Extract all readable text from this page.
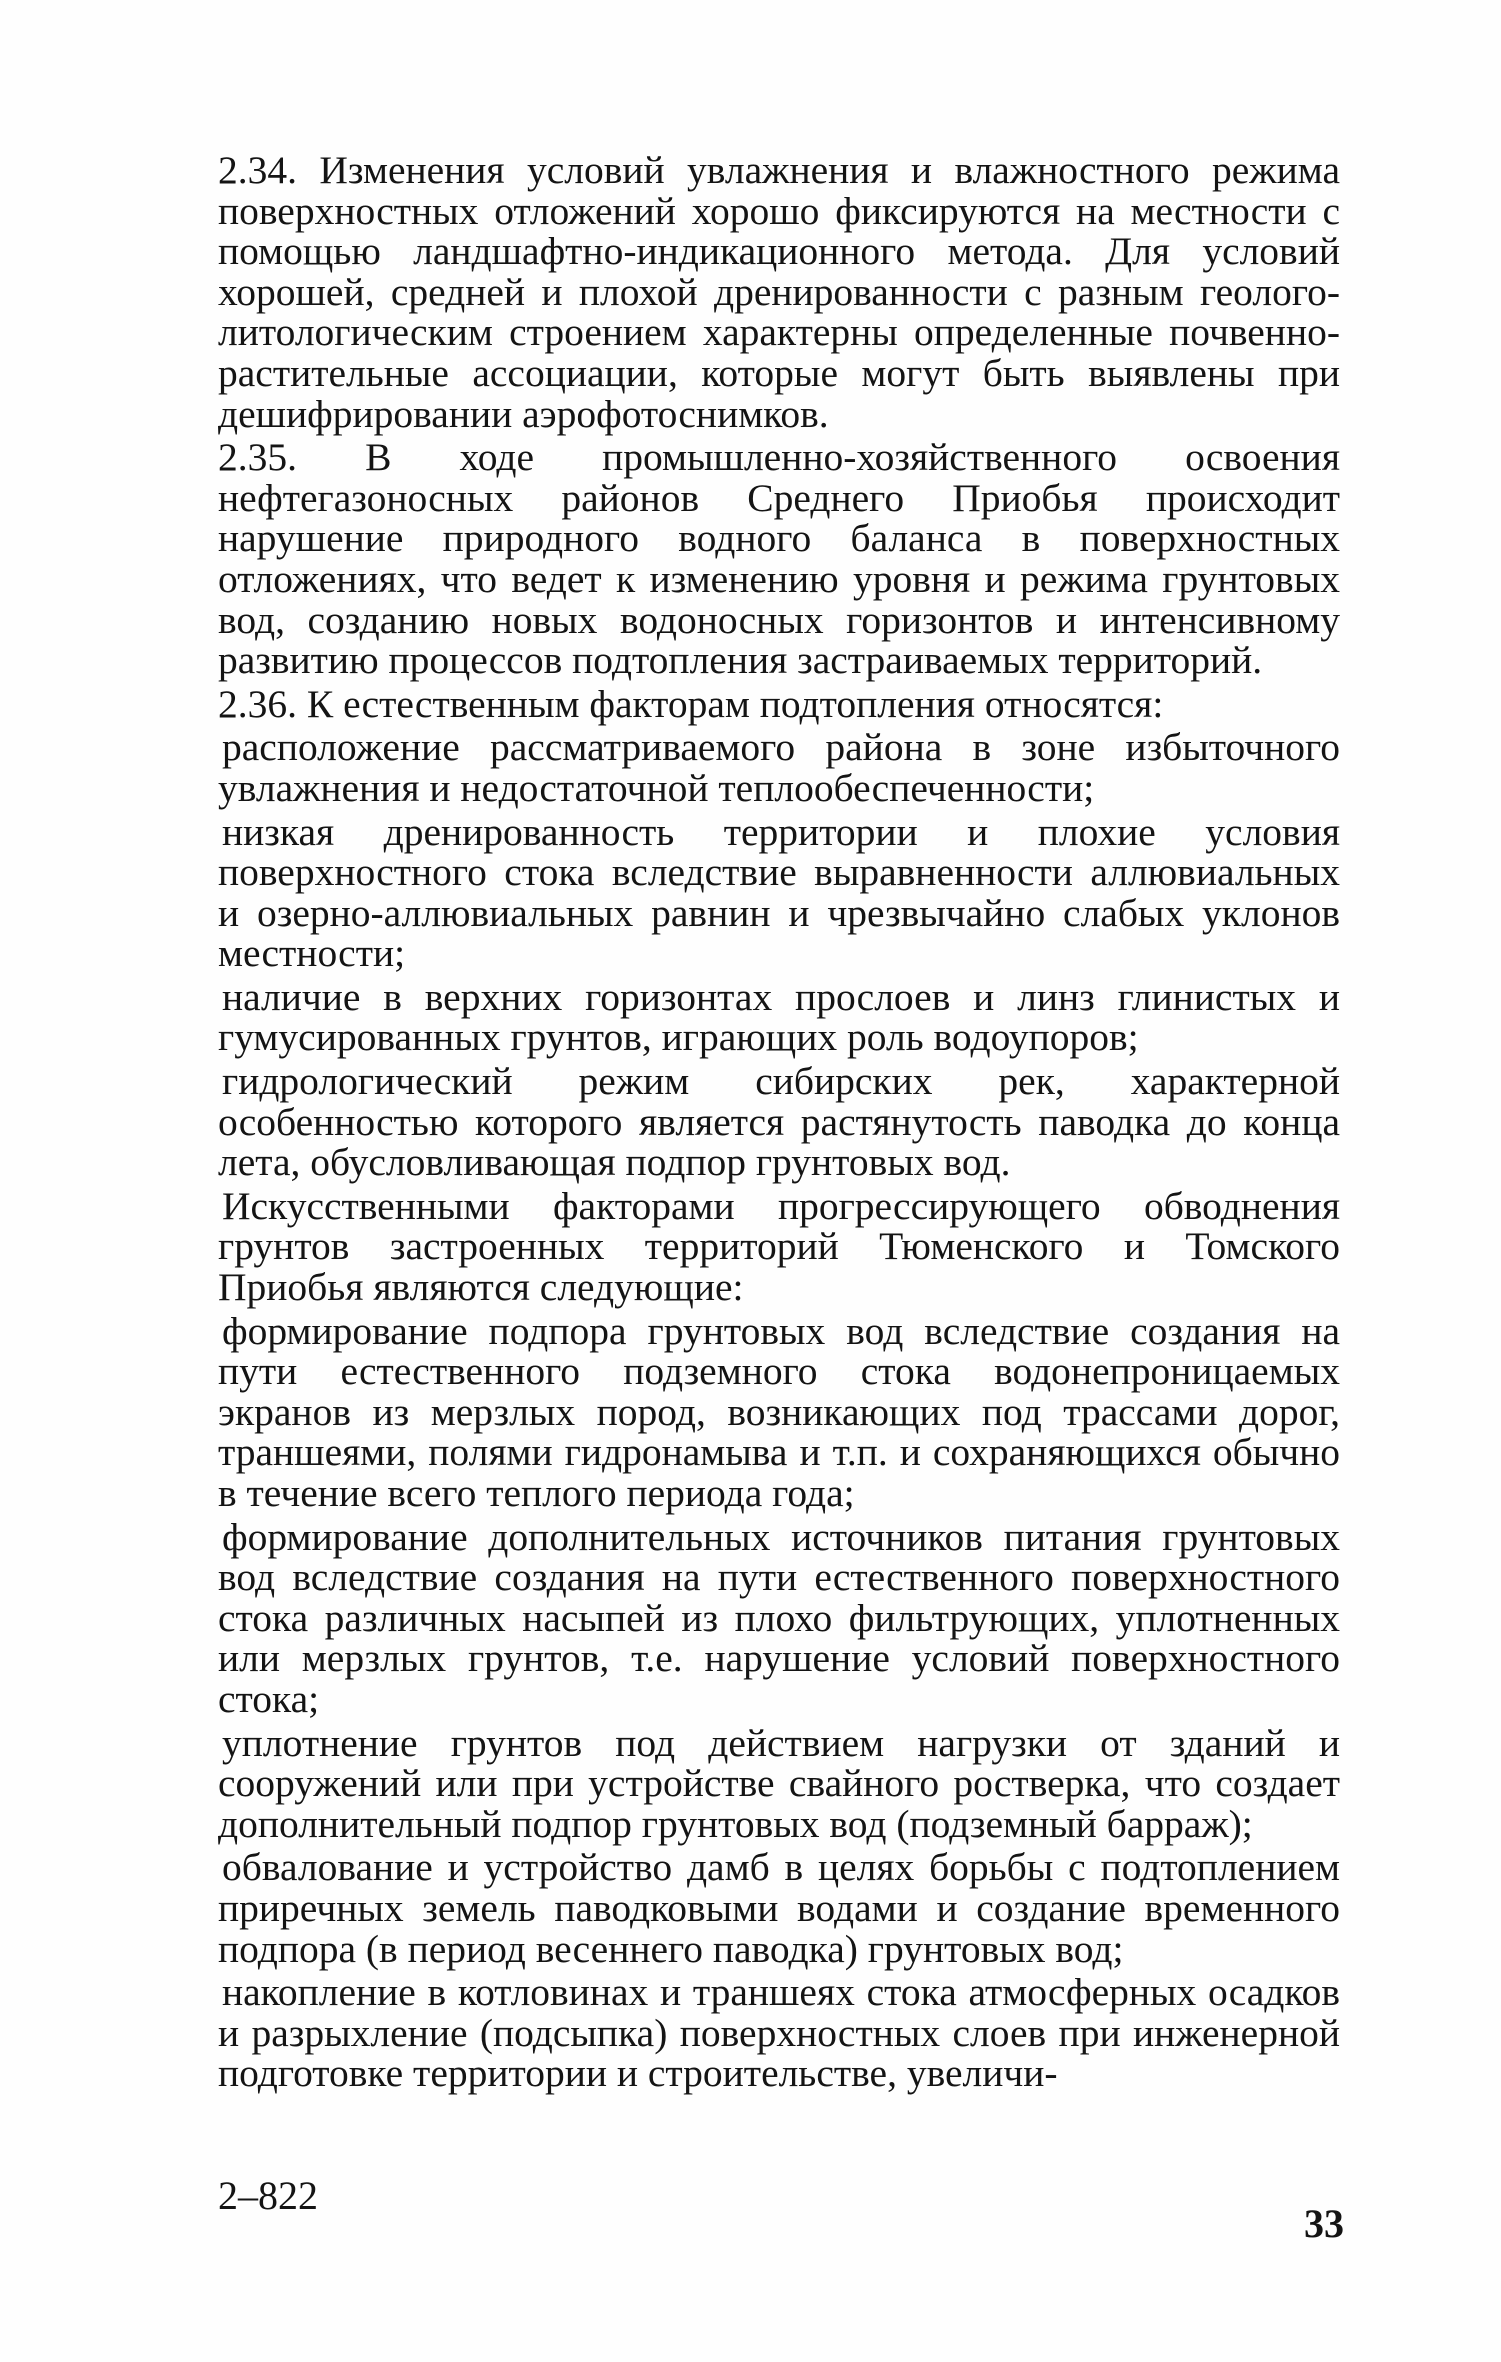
2.34. Изменения условий увлажнения и влажностного режима поверхностных отложений хорошо фиксируются на местности с помощью ландшафтно-индикационного метода. Для условий хорошей, средней и плохой дренированности с разным геолого-литологическим строением характерны определенные почвенно-растительные ассоциации, которые могут быть выявлены при дешифрировании аэрофотоснимков.

2.35. В ходе промышленно-хозяйственного освоения нефтегазоносных районов Среднего Приобья происходит нарушение природного водного баланса в поверхностных отложениях, что ведет к изменению уровня и режима грунтовых вод, созданию новых водоносных горизонтов и интенсивному развитию процессов подтопления застраиваемых территорий.

2.36. К естественным факторам подтопления относятся:

расположение рассматриваемого района в зоне избыточного увлажнения и недостаточной теплообеспеченности;

низкая дренированность территории и плохие условия поверхностного стока вследствие выравненности аллювиальных и озерно-аллювиальных равнин и чрезвычайно слабых уклонов местности;

наличие в верхних горизонтах прослоев и линз глинистых и гумусированных грунтов, играющих роль водоупоров;

гидрологический режим сибирских рек, характерной особенностью которого является растянутость паводка до конца лета, обусловливающая подпор грунтовых вод.

Искусственными факторами прогрессирующего обводнения грунтов застроенных территорий Тюменского и Томского Приобья являются следующие:

формирование подпора грунтовых вод вследствие создания на пути естественного подземного стока водонепроницаемых экранов из мерзлых пород, возникающих под трассами дорог, траншеями, полями гидронамыва и т.п. и сохраняющихся обычно в течение всего теплого периода года;

формирование дополнительных источников питания грунтовых вод вследствие создания на пути естественного поверхностного стока различных насыпей из плохо фильтрующих, уплотненных или мерзлых грунтов, т.е. нарушение условий поверхностного стока;

уплотнение грунтов под действием нагрузки от зданий и сооружений или при устройстве свайного ростверка, что создает дополнительный подпор грунтовых вод (подземный барраж);

обвалование и устройство дамб в целях борьбы с подтоплением приречных земель паводковыми водами и создание временного подпора (в период весеннего паводка) грунтовых вод;

накопление в котловинах и траншеях стока атмосферных осадков и разрыхление (подсыпка) поверхностных слоев при инженерной подготовке территории и строительстве, увеличи-

2–822
33
